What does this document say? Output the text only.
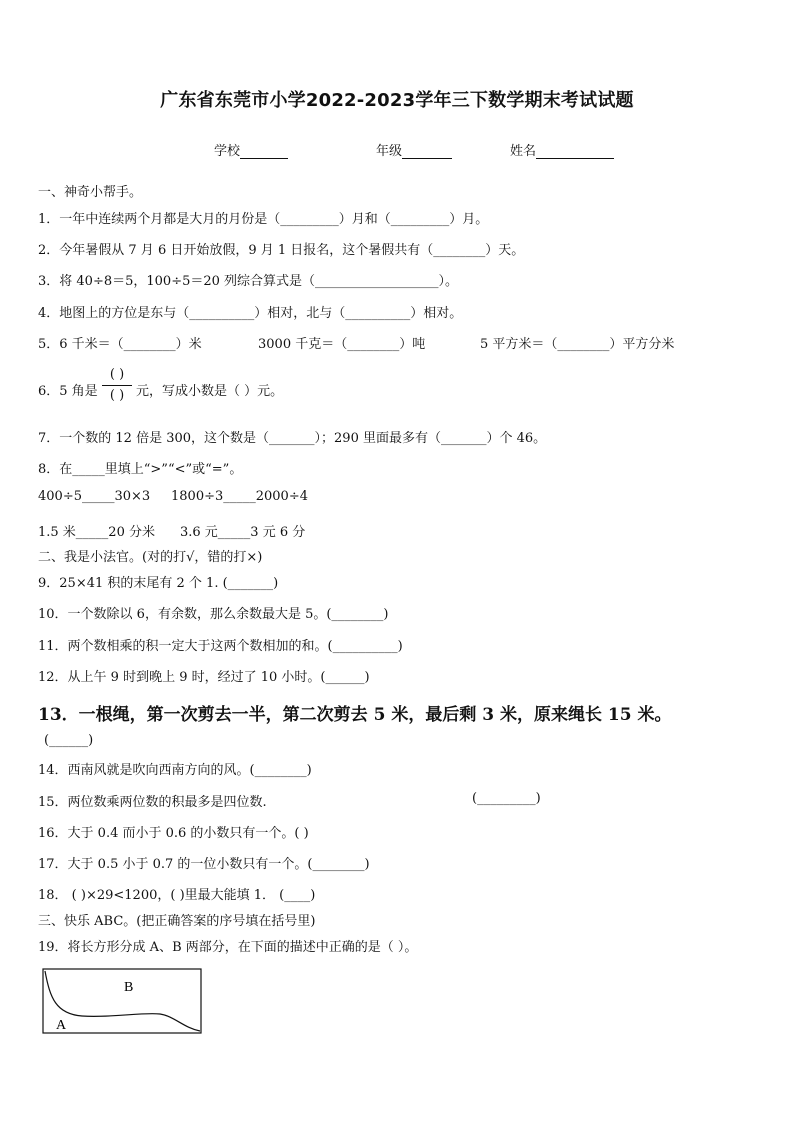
广东省东莞市小学2022-2023学年三下数学期末考试试题
学校	年级	姓名
一、神奇小帮手。
1．一年中连续两个月都是大月的月份是（_________）月和（_________）月。
2．今年暑假从 7 月 6 日开始放假，9 月 1 日报名，这个暑假共有（________）天。
3．将 40÷8＝5，100÷5＝20 列综合算式是（___________________）。
4．地图上的方位是东与（__________）相对，北与（__________）相对。
5．6 千米＝（________）米	3000 千克＝（________）吨	5 平方米＝（________）平方分米
6．5 角是
( )
( ) 元，写成小数是（ ）元。
7．一个数的 12 倍是 300，这个数是（_______）；290 里面最多有（_______）个 46。
8．在_____里填上“>”“<”或“=”。
400÷5_____30×3 1800÷3_____2000÷4
1.5 米_____20 分米 3.6 元_____3 元 6 分
二、我是小法官。(对的打√，错的打×)
9．25×41 积的末尾有 2 个 1. (_______)
10．一个数除以 6，有余数，那么余数最大是 5。(________)
11．两个数相乘的积一定大于这两个数相加的和。(__________)
12．从上午 9 时到晚上 9 时，经过了 10 小时。(______)
13．一根绳，第一次剪去一半，第二次剪去 5 米，最后剩 3 米，原来绳长 15 米。
(______)
14．西南风就是吹向西南方向的风。(________)
15．两位数乘两位数的积最多是四位数.	(_________)
16．大于 0.4 而小于 0.6 的小数只有一个。( )
17．大于 0.5 小于 0.7 的一位小数只有一个。(________)
18． ( )×29<1200，( )里最大能填 1． (____)
三、快乐 ABC。(把正确答案的序号填在括号里)
19．将长方形分成 A、B 两部分，在下面的描述中正确的是（ ）。
B
A
